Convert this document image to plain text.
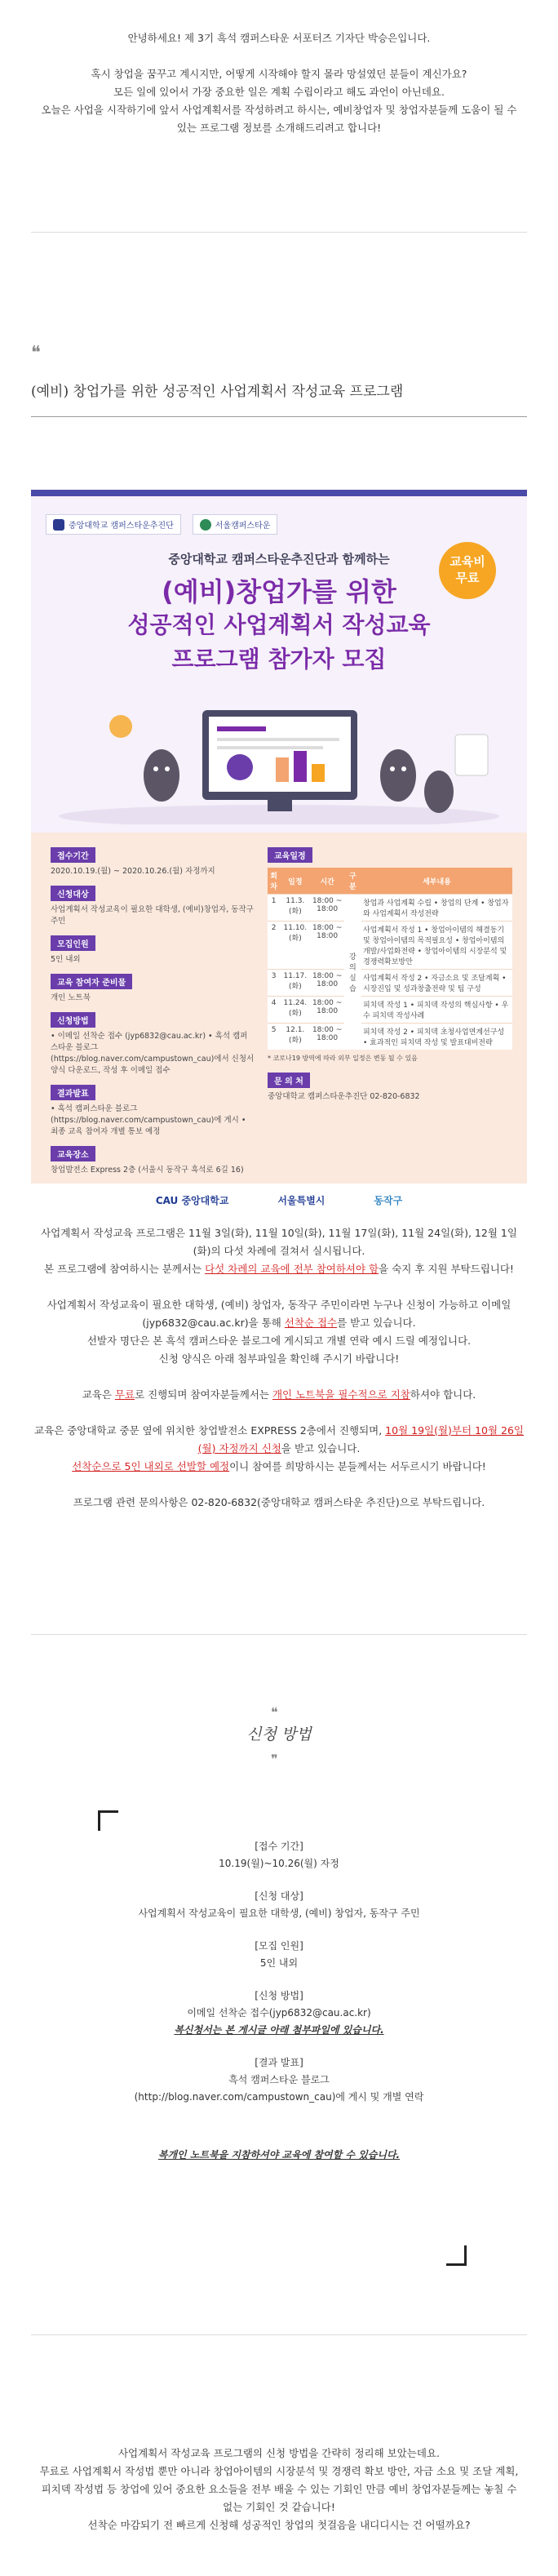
안녕하세요! 제 3기 흑석 캠퍼스타운 서포터즈 기자단 박승은입니다.
혹시 창업을 꿈꾸고 계시지만, 어떻게 시작해야 할지 몰라 망설였던 분들이 계신가요?
모든 일에 있어서 가장 중요한 일은 계획 수립이라고 해도 과언이 아닌데요.
오늘은 사업을 시작하기에 앞서 사업계획서를 작성하려고 하시는, 예비창업자 및 창업자분들께 도움이 될 수
있는 프로그램 정보를 소개해드리려고 합니다!
❝
(예비) 창업가를 위한 성공적인 사업계획서 작성교육 프로그램
중앙대학교 캠퍼스타운추진단	서울캠퍼스타운
중앙대학교 캠퍼스타운추진단과 함께하는
(예비)창업가를 위한
성공적인 사업계획서 작성교육
프로그램 참가자 모집
교육비
무료
접수기간
2020.10.19.(월) ~ 2020.10.26.(월) 자정까지
신청대상
사업계획서 작성교육이 필요한 대학생, (예비)창업자, 동작구 주민
모집인원
5인 내외
교육 참여자 준비물
개인 노트북
신청방법
• 이메일 선착순 접수 (jyp6832@cau.ac.kr) • 흑석 캠퍼스타운 블로그 (https://blog.naver.com/campustown_cau)에서 신청서 양식 다운로드, 작성 후 이메일 접수
결과발표
• 흑석 캠퍼스타운 블로그 (https://blog.naver.com/campustown_cau)에 게시 • 최종 교육 참여자 개별 통보 예정
교육장소
창업발전소 Express 2층 (서울시 동작구 흑석로 6길 16)
교육일정
회차	일정	시간	구분	세부내용
1	11.3.(화)	18:00 ~ 18:00	강의 실습	창업과 사업계획 수립 • 창업의 단계 • 창업자와 사업계획서 작성전략
2	11.10.(화)	18:00 ~ 18:00		사업계획서 작성 1 • 창업아이템의 해결동기 및 창업아이템의 목적필요성 • 창업아이템의 개발/사업화전략 • 창업아이템의 시장분석 및 경쟁력확보방안
3	11.17.(화)	18:00 ~ 18:00		사업계획서 작성 2 • 자금소요 및 조달계획 • 시장진입 및 성과창출전략 및 팀 구성
4	11.24.(화)	18:00 ~ 18:00		피치덱 작성 1 • 피치덱 작성의 핵심사항 • 우수 피치덱 작성사례
5	12.1.(화)	18:00 ~ 18:00		피치덱 작성 2 • 피치덱 초청사업면계선구성 • 효과적인 피치덱 작성 및 발표대비전략
* 코로나19 방역에 따라 외부 일정은 변동 될 수 있음
문 의 처
중앙대학교 캠퍼스타운추진단 02-820-6832
CAU 중앙대학교	서울특별시	동작구
사업계획서 작성교육 프로그램은 11월 3일(화), 11월 10일(화), 11월 17일(화), 11월 24일(화), 12월 1일
(화)의 다섯 차례에 걸쳐서 실시됩니다.
본 프로그램에 참여하시는 분께서는 다섯 차례의 교육에 전부 참여하셔야 함을 숙지 후 지원 부탁드립니다!
사업계획서 작성교육이 필요한 대학생, (예비) 창업자, 동작구 주민이라면 누구나 신청이 가능하고 이메일
(jyp6832@cau.ac.kr)을 통해 선착순 접수를 받고 있습니다.
선발자 명단은 본 흑석 캠퍼스타운 블로그에 게시되고 개별 연락 예시 드릴 예정입니다.
신청 양식은 아래 첨부파일을 확인해 주시기 바랍니다!
교육은 무료로 진행되며 참여자분들께서는 개인 노트북을 필수적으로 지참하셔야 합니다.
교육은 중앙대학교 중문 옆에 위치한 창업발전소 EXPRESS 2층에서 진행되며, 10월 19일(월)부터 10월 26일(월) 자정까지 신청을 받고 있습니다.
선착순으로 5인 내외로 선발할 예정이니 참여를 희망하시는 분들께서는 서두르시기 바랍니다!
프로그램 관련 문의사항은 02-820-6832(중앙대학교 캠퍼스타운 추진단)으로 부탁드립니다.
❝
신청 방법
❞
[접수 기간]
10.19(월)~10.26(월) 자정
[신청 대상]
사업계획서 작성교육이 필요한 대학생, (예비) 창업자, 동작구 주민
[모집 인원]
5인 내외
[신청 방법]
이메일 선착순 접수(jyp6832@cau.ac.kr)
복신청서는 본 게시글 아래 첨부파일에 있습니다.
[결과 발표]
흑석 캠퍼스타운 블로그
(http://blog.naver.com/campustown_cau)에 게시 및 개별 연락
복개인 노트북을 지참하셔야 교육에 참여할 수 있습니다.
사업계획서 작성교육 프로그램의 신청 방법을 간략히 정리해 보았는데요.
무료로 사업계획서 작성법 뿐만 아니라 창업아이템의 시장분석 및 경쟁력 확보 방안, 자금 소요 및 조달 계획,
피치덱 작성법 등 창업에 있어 중요한 요소들을 전부 배울 수 있는 기회인 만큼 예비 창업자분들께는 놓칠 수
없는 기회인 것 같습니다!
선착순 마감되기 전 빠르게 신청해 성공적인 창업의 첫걸음을 내디디시는 건 어떨까요?
